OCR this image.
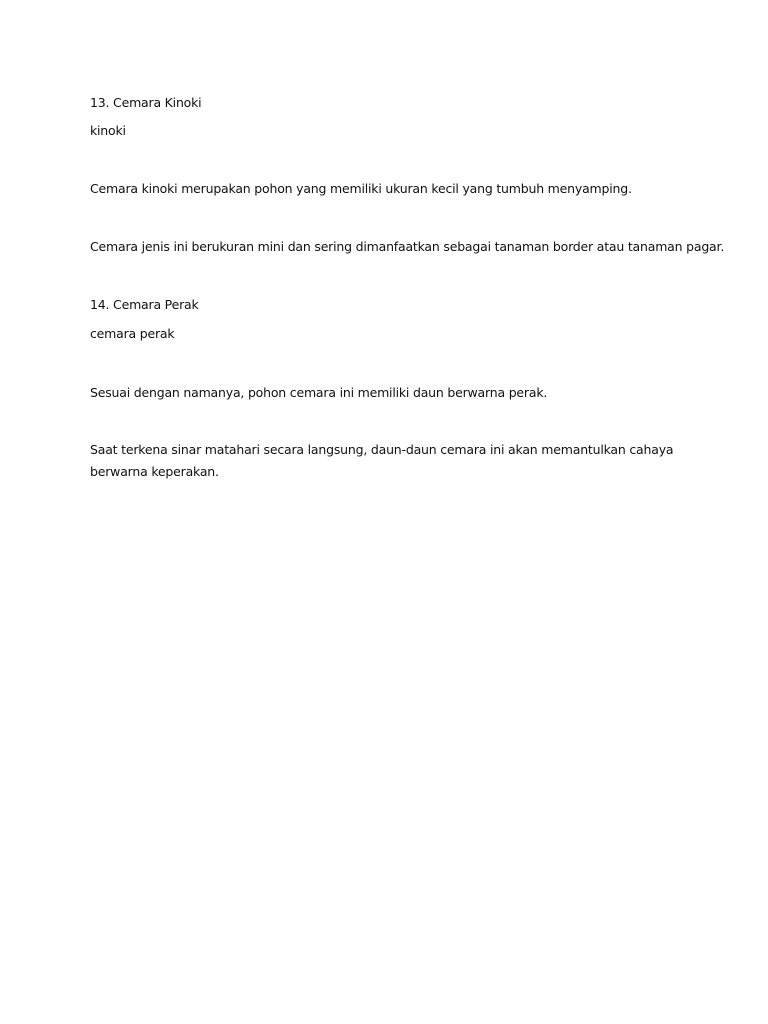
13. Cemara Kinoki

kinoki

Cemara kinoki merupakan pohon yang memiliki ukuran kecil yang tumbuh menyamping.

Cemara jenis ini berukuran mini dan sering dimanfaatkan sebagai tanaman border atau tanaman pagar.

14. Cemara Perak

cemara perak

Sesuai dengan namanya, pohon cemara ini memiliki daun berwarna perak.

Saat terkena sinar matahari secara langsung, daun-daun cemara ini akan memantulkan cahaya berwarna keperakan.
